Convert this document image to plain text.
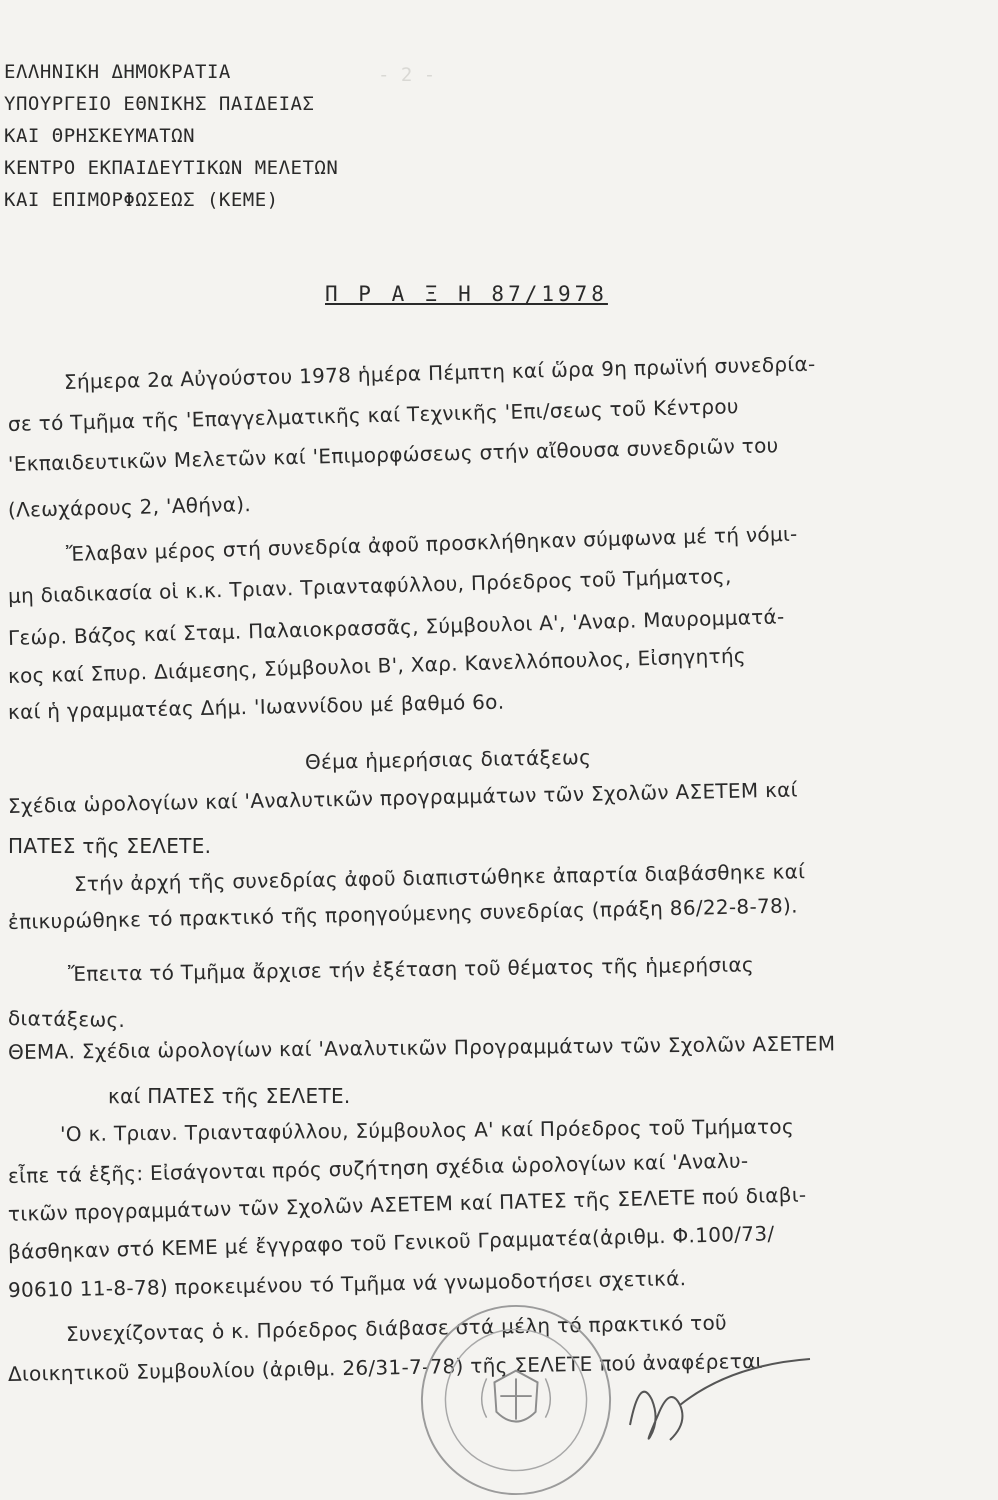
- 2 -
ΕΛΛΗΝΙΚΗ ΔΗΜΟΚΡΑΤΙΑ
ΥΠΟΥΡΓΕΙΟ ΕΘΝΙΚΗΣ ΠΑΙΔΕΙΑΣ
ΚΑΙ ΘΡΗΣΚΕΥΜΑΤΩΝ
ΚΕΝΤΡΟ ΕΚΠΑΙΔΕΥΤΙΚΩΝ ΜΕΛΕΤΩΝ
ΚΑΙ ΕΠΙΜΟΡΦΩΣΕΩΣ (ΚΕΜΕ)
Π Ρ Α Ξ Η 87/1978
Σήμερα 2α Αὐγούστου 1978 ἡμέρα Πέμπτη καί ὥρα 9η πρωϊνή συνεδρία-
σε τό Τμῆμα τῆς 'Επαγγελματικῆς καί Τεχνικῆς 'Επι/σεως τοῦ Κέντρου
'Εκπαιδευτικῶν Μελετῶν καί 'Επιμορφώσεως στήν αἴθουσα συνεδριῶν του
(Λεωχάρους 2, 'Αθήνα).
Ἔλαβαν μέρος στή συνεδρία ἀφοῦ προσκλήθηκαν σύμφωνα μέ τή νόμι-
μη διαδικασία οἱ κ.κ. Τριαν. Τριανταφύλλου, Πρόεδρος τοῦ Τμήματος,
Γεώρ. Βάζος καί Σταμ. Παλαιοκρασσᾶς, Σύμβουλοι Α', 'Αναρ. Μαυρομματά-
κος καί Σπυρ. Διάμεσης, Σύμβουλοι Β', Χαρ. Κανελλόπουλος, Εἰσηγητής
καί ἡ γραμματέας Δήμ. 'Ιωαννίδου μέ βαθμό 6ο.
Θέμα ἡμερήσιας διατάξεως
Σχέδια ὡρολογίων καί 'Αναλυτικῶν προγραμμάτων τῶν Σχολῶν ΑΣΕΤΕΜ καί
ΠΑΤΕΣ τῆς ΣΕΛΕΤΕ.
Στήν ἀρχή τῆς συνεδρίας ἀφοῦ διαπιστώθηκε ἀπαρτία διαβάσθηκε καί
ἐπικυρώθηκε τό πρακτικό τῆς προηγούμενης συνεδρίας (πράξη 86/22-8-78).
Ἔπειτα τό Τμῆμα ἄρχισε τήν ἐξέταση τοῦ θέματος τῆς ἡμερήσιας
διατάξεως.
ΘΕΜΑ. Σχέδια ὡρολογίων καί 'Αναλυτικῶν Προγραμμάτων τῶν Σχολῶν ΑΣΕΤΕΜ
καί ΠΑΤΕΣ τῆς ΣΕΛΕΤΕ.
'Ο κ. Τριαν. Τριανταφύλλου, Σύμβουλος Α' καί Πρόεδρος τοῦ Τμήματος
εἶπε τά ἑξῆς: Εἰσάγονται πρός συζήτηση σχέδια ὡρολογίων καί 'Αναλυ-
τικῶν προγραμμάτων τῶν Σχολῶν ΑΣΕΤΕΜ καί ΠΑΤΕΣ τῆς ΣΕΛΕΤΕ πού διαβι-
βάσθηκαν στό ΚΕΜΕ μέ ἔγγραφο τοῦ Γενικοῦ Γραμματέα(ἀριθμ. Φ.100/73/
90610 11-8-78) προκειμένου τό Τμῆμα νά γνωμοδοτήσει σχετικά.
Συνεχίζοντας ὁ κ. Πρόεδρος διάβασε στά μέλη τό πρακτικό τοῦ
Διοικητικοῦ Συμβουλίου (ἀριθμ. 26/31-7-78) τῆς ΣΕΛΕΤΕ πού ἀναφέρεται
